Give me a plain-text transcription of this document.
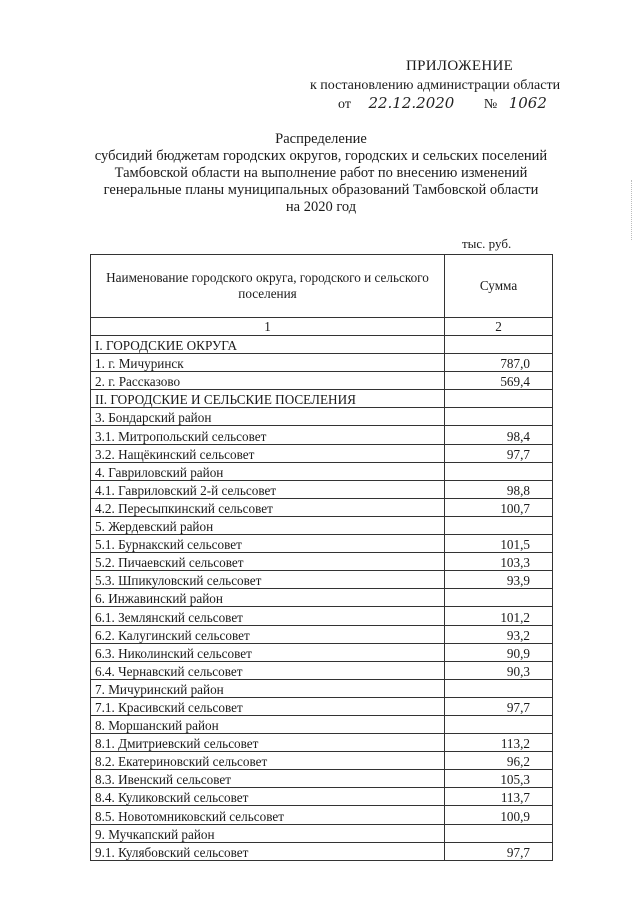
ПРИЛОЖЕНИЕ
к постановлению администрации области
от 22.12.2020 № 1062
Распределение
субсидий бюджетам городских округов, городских и сельских поселений
Тамбовской области на выполнение работ по внесению изменений
генеральные планы муниципальных образований Тамбовской области
на 2020 год
тыс. руб.
Наименование городского округа, городского и сельского поселения	Сумма
1	2
I. ГОРОДСКИЕ ОКРУГА	
1. г. Мичуринск	787,0
2. г. Рассказово	569,4
II. ГОРОДСКИЕ И СЕЛЬСКИЕ ПОСЕЛЕНИЯ	
3. Бондарский район	
3.1. Митропольский сельсовет	98,4
3.2. Нащёкинский сельсовет	97,7
4. Гавриловский район	
4.1. Гавриловский 2-й сельсовет	98,8
4.2. Пересыпкинский сельсовет	100,7
5. Жердевский район	
5.1. Бурнакский сельсовет	101,5
5.2. Пичаевский сельсовет	103,3
5.3. Шпикуловский сельсовет	93,9
6. Инжавинский район	
6.1. Землянский сельсовет	101,2
6.2. Калугинский сельсовет	93,2
6.3. Николинский сельсовет	90,9
6.4. Чернавский сельсовет	90,3
7. Мичуринский район	
7.1. Красивский сельсовет	97,7
8. Моршанский район	
8.1. Дмитриевский сельсовет	113,2
8.2. Екатериновский сельсовет	96,2
8.3. Ивенский сельсовет	105,3
8.4. Куликовский сельсовет	113,7
8.5. Новотомниковский сельсовет	100,9
9. Мучкапский район	
9.1. Кулябовский сельсовет	97,7
